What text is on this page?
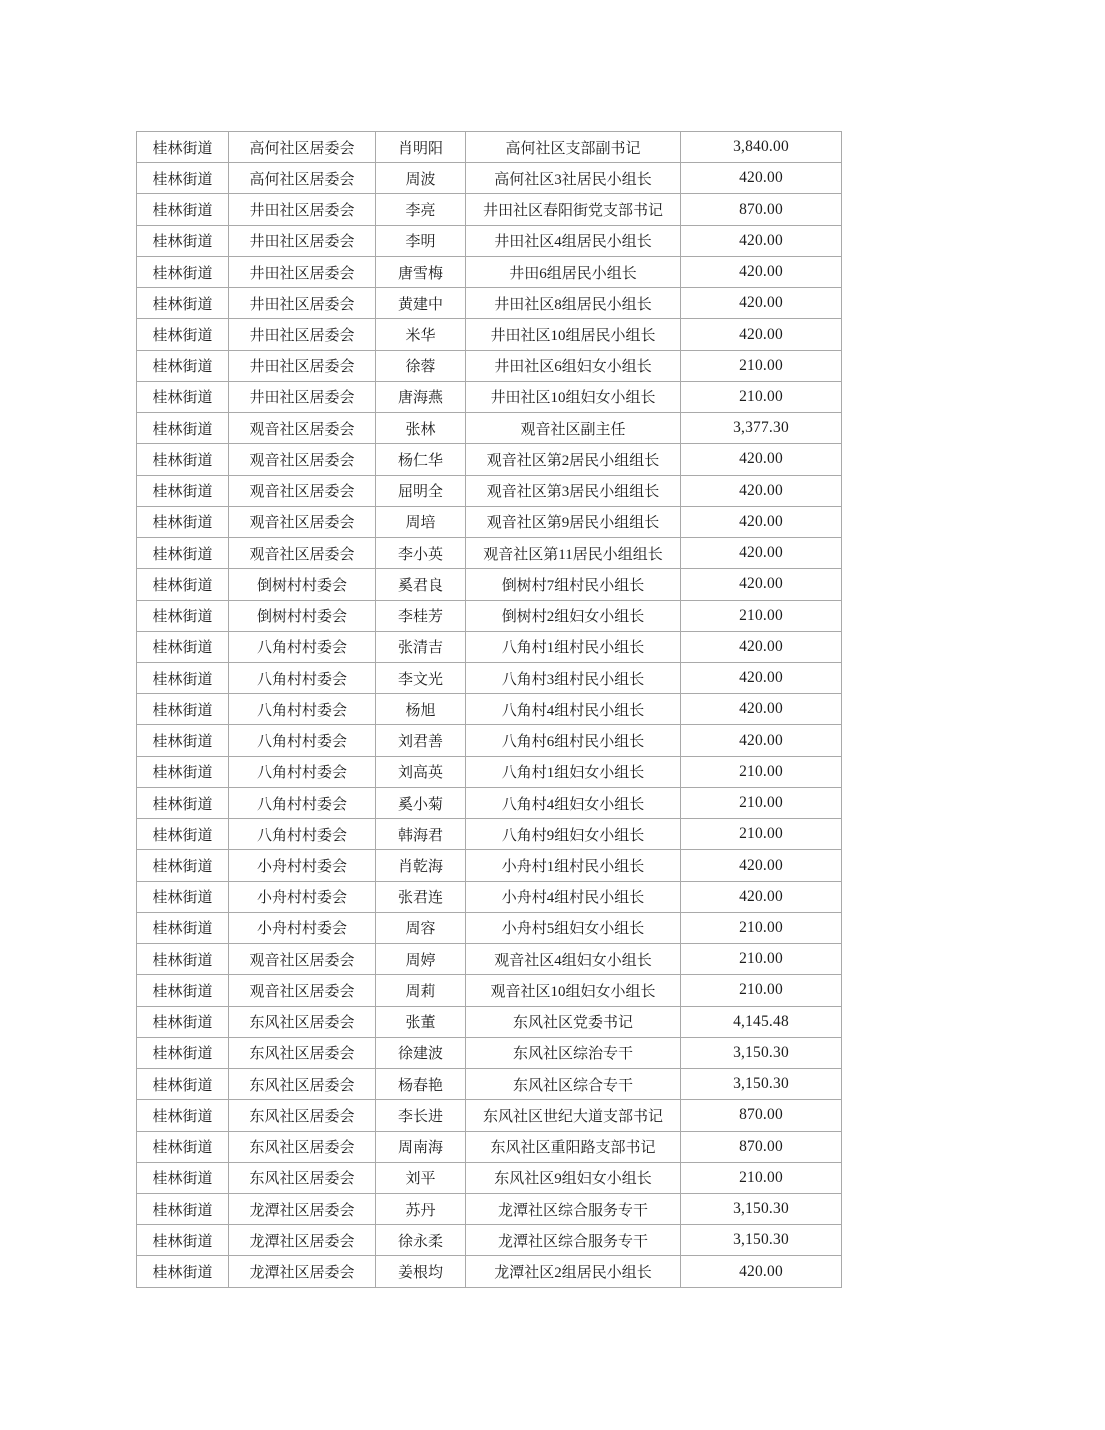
桂林街道	高何社区居委会	肖明阳	高何社区支部副书记	3,840.00
桂林街道	高何社区居委会	周波	高何社区3社居民小组长	420.00
桂林街道	井田社区居委会	李亮	井田社区春阳街党支部书记	870.00
桂林街道	井田社区居委会	李明	井田社区4组居民小组长	420.00
桂林街道	井田社区居委会	唐雪梅	井田6组居民小组长	420.00
桂林街道	井田社区居委会	黄建中	井田社区8组居民小组长	420.00
桂林街道	井田社区居委会	米华	井田社区10组居民小组长	420.00
桂林街道	井田社区居委会	徐蓉	井田社区6组妇女小组长	210.00
桂林街道	井田社区居委会	唐海燕	井田社区10组妇女小组长	210.00
桂林街道	观音社区居委会	张林	观音社区副主任	3,377.30
桂林街道	观音社区居委会	杨仁华	观音社区第2居民小组组长	420.00
桂林街道	观音社区居委会	屈明全	观音社区第3居民小组组长	420.00
桂林街道	观音社区居委会	周培	观音社区第9居民小组组长	420.00
桂林街道	观音社区居委会	李小英	观音社区第11居民小组组长	420.00
桂林街道	倒树村村委会	奚君良	倒树村7组村民小组长	420.00
桂林街道	倒树村村委会	李桂芳	倒树村2组妇女小组长	210.00
桂林街道	八角村村委会	张清吉	八角村1组村民小组长	420.00
桂林街道	八角村村委会	李文光	八角村3组村民小组长	420.00
桂林街道	八角村村委会	杨旭	八角村4组村民小组长	420.00
桂林街道	八角村村委会	刘君善	八角村6组村民小组长	420.00
桂林街道	八角村村委会	刘高英	八角村1组妇女小组长	210.00
桂林街道	八角村村委会	奚小菊	八角村4组妇女小组长	210.00
桂林街道	八角村村委会	韩海君	八角村9组妇女小组长	210.00
桂林街道	小舟村村委会	肖乾海	小舟村1组村民小组长	420.00
桂林街道	小舟村村委会	张君连	小舟村4组村民小组长	420.00
桂林街道	小舟村村委会	周容	小舟村5组妇女小组长	210.00
桂林街道	观音社区居委会	周婷	观音社区4组妇女小组长	210.00
桂林街道	观音社区居委会	周莉	观音社区10组妇女小组长	210.00
桂林街道	东风社区居委会	张董	东风社区党委书记	4,145.48
桂林街道	东风社区居委会	徐建波	东风社区综治专干	3,150.30
桂林街道	东风社区居委会	杨春艳	东风社区综合专干	3,150.30
桂林街道	东风社区居委会	李长进	东风社区世纪大道支部书记	870.00
桂林街道	东风社区居委会	周南海	东风社区重阳路支部书记	870.00
桂林街道	东风社区居委会	刘平	东风社区9组妇女小组长	210.00
桂林街道	龙潭社区居委会	苏丹	龙潭社区综合服务专干	3,150.30
桂林街道	龙潭社区居委会	徐永柔	龙潭社区综合服务专干	3,150.30
桂林街道	龙潭社区居委会	姜根均	龙潭社区2组居民小组长	420.00
